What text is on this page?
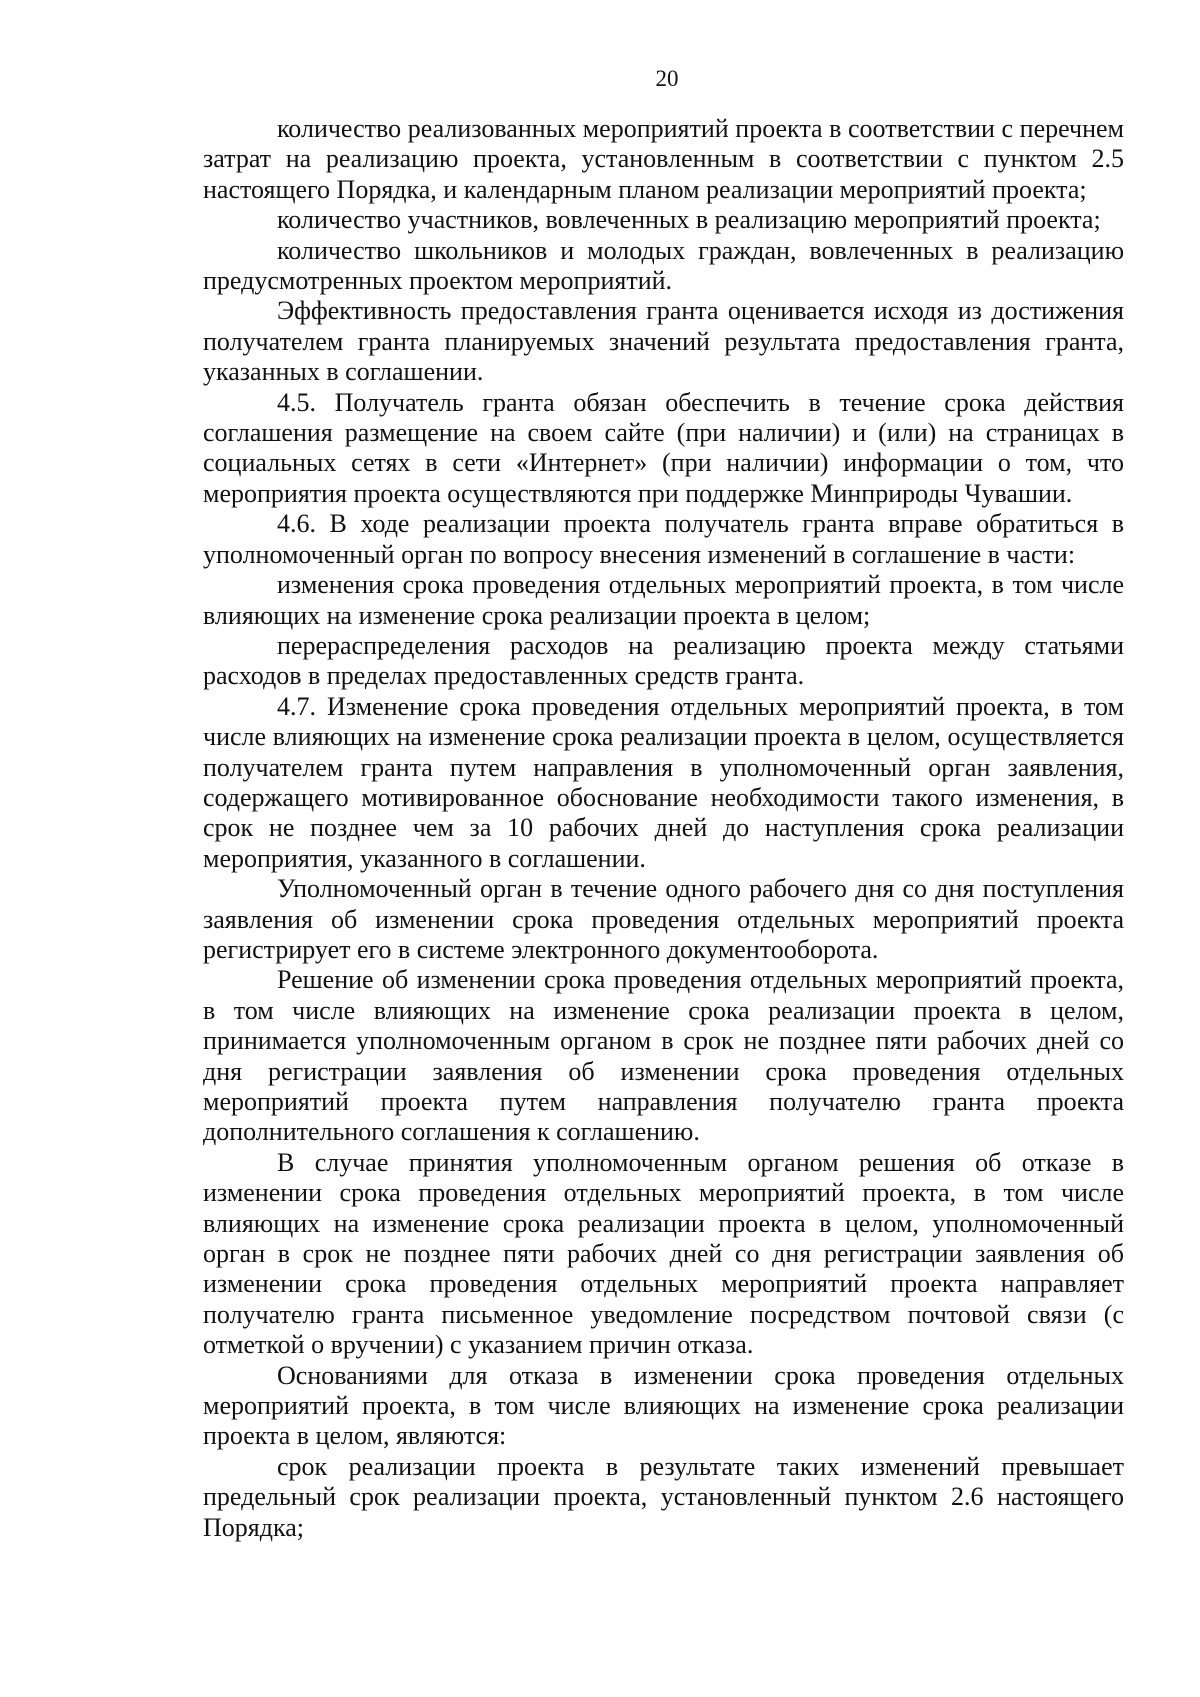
20

количество реализованных мероприятий проекта в соответствии с перечнем затрат на реализацию проекта, установленным в соответствии с пунктом 2.5 настоящего Порядка, и календарным планом реализации мероприятий проекта;

количество участников, вовлеченных в реализацию мероприятий проекта;

количество школьников и молодых граждан, вовлеченных в реализацию предусмотренных проектом мероприятий.

Эффективность предоставления гранта оценивается исходя из достижения получателем гранта планируемых значений результата предоставления гранта, указанных в соглашении.

4.5. Получатель гранта обязан обеспечить в течение срока действия соглашения размещение на своем сайте (при наличии) и (или) на страницах в социальных сетях в сети «Интернет» (при наличии) информации о том, что мероприятия проекта осуществляются при поддержке Минприроды Чувашии.

4.6. В ходе реализации проекта получатель гранта вправе обратиться в уполномоченный орган по вопросу внесения изменений в соглашение в части:

изменения срока проведения отдельных мероприятий проекта, в том числе влияющих на изменение срока реализации проекта в целом;

перераспределения расходов на реализацию проекта между статьями расходов в пределах предоставленных средств гранта.

4.7. Изменение срока проведения отдельных мероприятий проекта, в том числе влияющих на изменение срока реализации проекта в целом, осуществляется получателем гранта путем направления в уполномоченный орган заявления, содержащего мотивированное обоснование необходимости такого изменения, в срок не позднее чем за 10 рабочих дней до наступления срока реализации мероприятия, указанного в соглашении.

Уполномоченный орган в течение одного рабочего дня со дня поступления заявления об изменении срока проведения отдельных мероприятий проекта регистрирует его в системе электронного документооборота.

Решение об изменении срока проведения отдельных мероприятий проекта, в том числе влияющих на изменение срока реализации проекта в целом, принимается уполномоченным органом в срок не позднее пяти рабочих дней со дня регистрации заявления об изменении срока проведения отдельных мероприятий проекта путем направления получателю гранта проекта дополнительного соглашения к соглашению.

В случае принятия уполномоченным органом решения об отказе в изменении срока проведения отдельных мероприятий проекта, в том числе влияющих на изменение срока реализации проекта в целом, уполномоченный орган в срок не позднее пяти рабочих дней со дня регистрации заявления об изменении срока проведения отдельных мероприятий проекта направляет получателю гранта письменное уведомление посредством почтовой связи (с отметкой о вручении) с указанием причин отказа.

Основаниями для отказа в изменении срока проведения отдельных мероприятий проекта, в том числе влияющих на изменение срока реализации проекта в целом, являются:

срок реализации проекта в результате таких изменений превышает предельный срок реализации проекта, установленный пунктом 2.6 настоящего Порядка;
